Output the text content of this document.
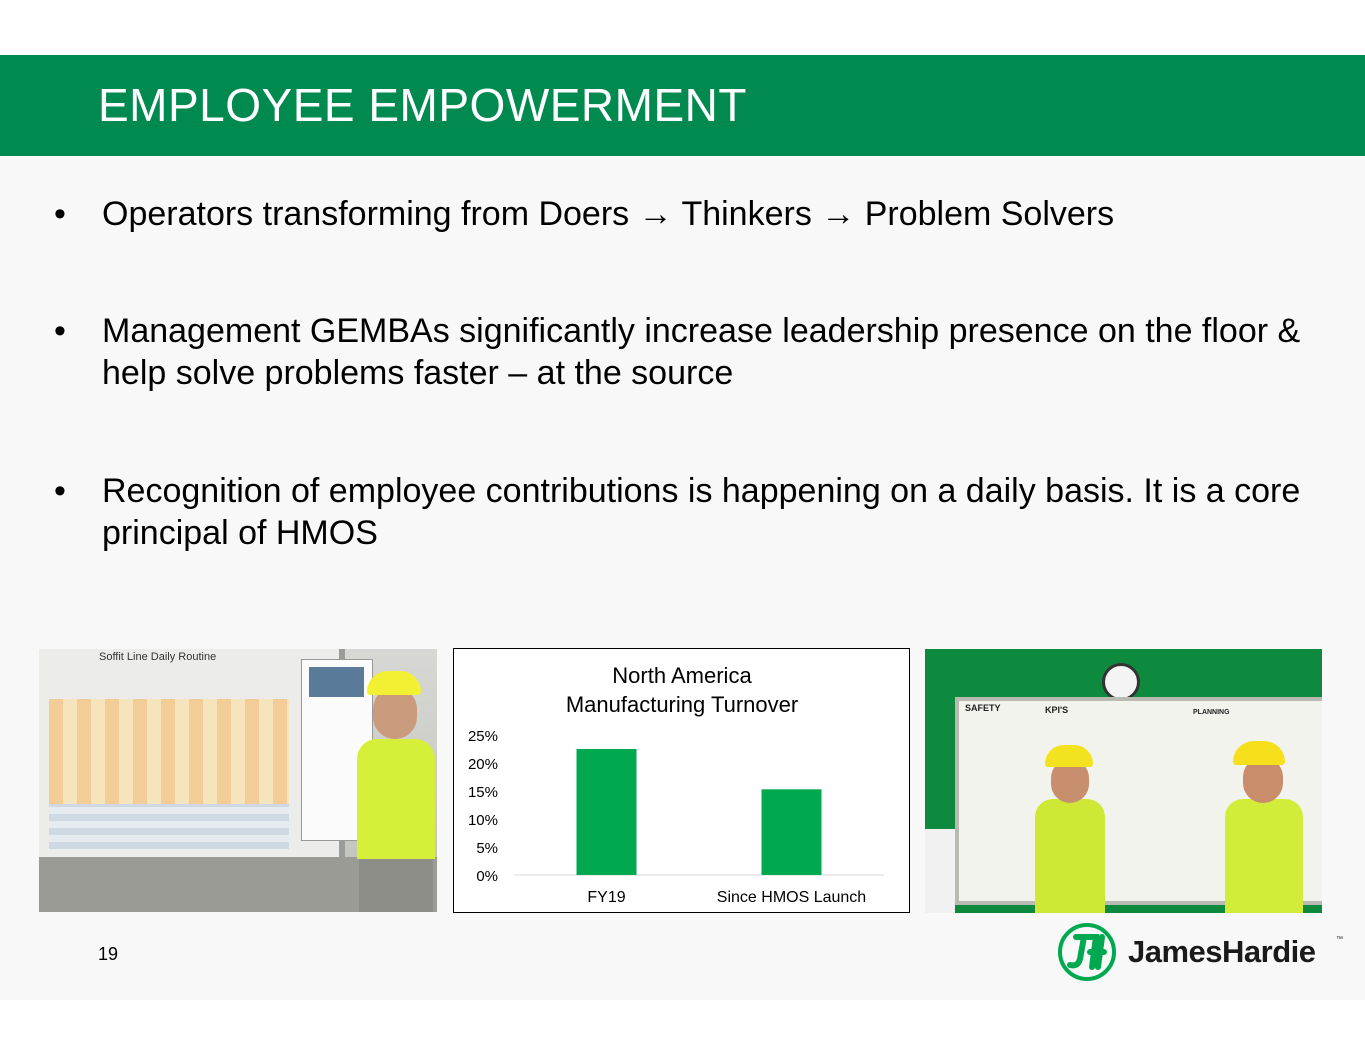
EMPLOYEE EMPOWERMENT
•	Operators transforming from Doers → Thinkers → Problem Solvers
•	Management GEMBAs significantly increase leadership presence on the floor & help solve problems faster – at the source
•	Recognition of employee contributions is happening on a daily basis. It is a core principal of HMOS
Soffit Line Daily Routine
North America
Manufacturing Turnover
0%
5%
10%
15%
20%
25%
FY19	Since HMOS Launch
SAFETY	KPI'S	PLANNING
19	JamesHardie	™
